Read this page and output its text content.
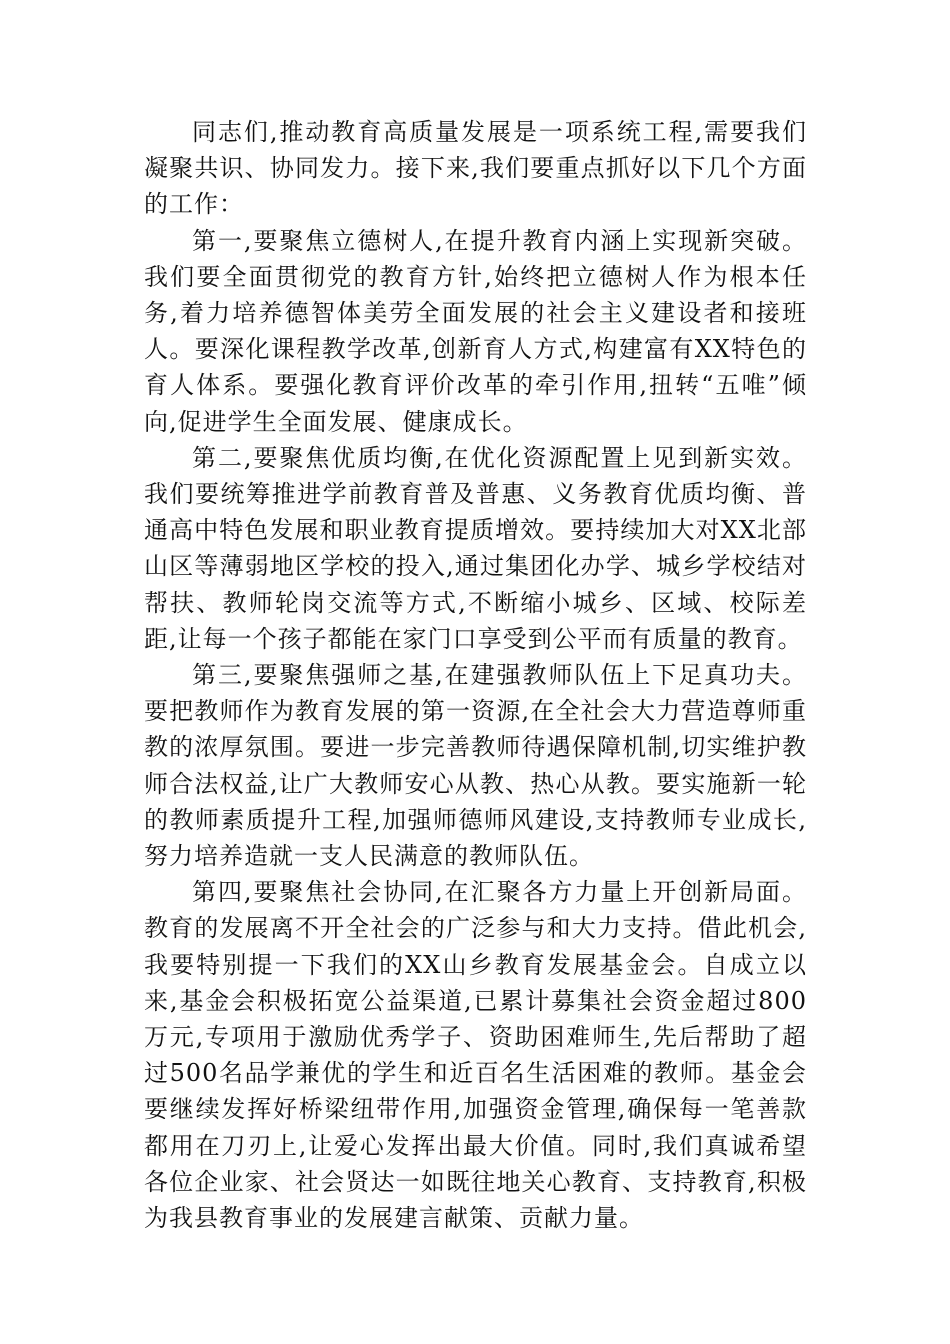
同志们,推动教育高质量发展是一项系统工程,需要我们凝聚共识、协同发力。接下来,我们要重点抓好以下几个方面的工作：

第一,要聚焦立德树人,在提升教育内涵上实现新突破。我们要全面贯彻党的教育方针,始终把立德树人作为根本任务,着力培养德智体美劳全面发展的社会主义建设者和接班人。要深化课程教学改革,创新育人方式,构建富有XX特色的育人体系。要强化教育评价改革的牵引作用,扭转“五唯”倾向,促进学生全面发展、健康成长。

第二,要聚焦优质均衡,在优化资源配置上见到新实效。我们要统筹推进学前教育普及普惠、义务教育优质均衡、普通高中特色发展和职业教育提质增效。要持续加大对XX北部山区等薄弱地区学校的投入,通过集团化办学、城乡学校结对帮扶、教师轮岗交流等方式,不断缩小城乡、区域、校际差距,让每一个孩子都能在家门口享受到公平而有质量的教育。

第三,要聚焦强师之基,在建强教师队伍上下足真功夫。要把教师作为教育发展的第一资源,在全社会大力营造尊师重教的浓厚氛围。要进一步完善教师待遇保障机制,切实维护教师合法权益,让广大教师安心从教、热心从教。要实施新一轮的教师素质提升工程,加强师德师风建设,支持教师专业成长,努力培养造就一支人民满意的教师队伍。

第四,要聚焦社会协同,在汇聚各方力量上开创新局面。教育的发展离不开全社会的广泛参与和大力支持。借此机会,我要特别提一下我们的XX山乡教育发展基金会。自成立以来,基金会积极拓宽公益渠道,已累计募集社会资金超过800万元,专项用于激励优秀学子、资助困难师生,先后帮助了超过500名品学兼优的学生和近百名生活困难的教师。基金会要继续发挥好桥梁纽带作用,加强资金管理,确保每一笔善款都用在刀刃上,让爱心发挥出最大价值。同时,我们真诚希望各位企业家、社会贤达一如既往地关心教育、支持教育,积极为我县教育事业的发展建言献策、贡献力量。
